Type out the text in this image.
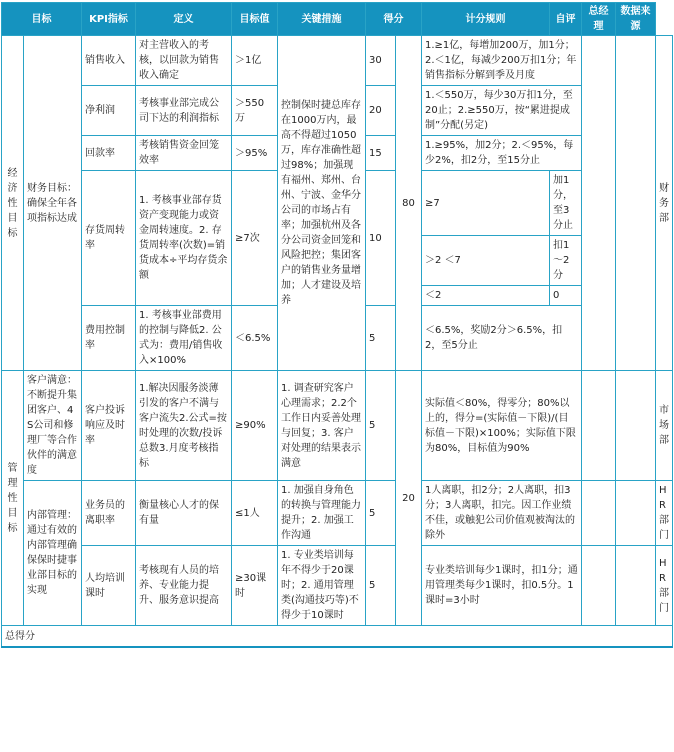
目标		KPI指标	定义	目标值	关键措施	得分		计分规则	自评	总经理	数据来源	
经济性目标	财务目标：确保全年各项指标达成	销售收入	对主营收入的考核，以回款为销售收入确定	＞1亿	控制保时捷总库存在1000万内，最高不得超过1050万，库存准确性超过98%；加强现有福州、郑州、台州、宁波、金华分公司的市场占有率；加强杭州及各分公司资金回笼和风险把控；集团客户的销售业务量增加；人才建设及培养	30	80	1.≥1亿，每增加200万，加1分；2.＜1亿，每减少200万扣1分；年销售指标分解到季及月度				财务部
		净利润	考核事业部完成公司下达的利润指标	＞550万		20		1.＜550万，每少30万扣1分，至20止；2.≥550万，按“累进提成制”分配(另定)				
		回款率	考核销售资金回笼效率	＞95%		15		1.≥95%，加2分；2.＜95%，每少2%，扣2分，至15分止				
		存货周转率	1. 考核事业部存货资产变现能力或资金周转速度。2. 存货周转率(次数)=销货成本÷平均存货余额	≥7次		10		≥7	加1分，至3分止			
								＞2 ＜7	扣1～2分			
								＜2	0			
		费用控制率	1. 考核事业部费用的控制与降低2. 公式为：费用/销售收入×100%	＜6.5%		5		＜6.5%，奖励2分＞6.5%，扣2，至5分止				
管理性目标	客户满意：不断提升集团客户、4S公司和修理厂等合作伙伴的满意度	客户投诉响应及时率	1.解决因服务淡薄引发的客户不满与客户流失2.公式=按时处理的次数/投诉总数3.月度考核指标	≥90%	1. 调查研究客户心理需求；2.2个工作日内妥善处理与回复；3. 客户对处理的结果表示满意	5	20	实际值＜80%，得零分；80%以上的，得分=(实际值－下限)/(目标值－下限)×100%；实际值下限为80%，目标值为90%				市场部
	内部管理：通过有效的内部管理确保保时捷事业部目标的实现	业务员的离职率	衡量核心人才的保有量	≤1人	1. 加强自身角色的转换与管理能力提升；2. 加强工作沟通	5		1人离职，扣2分；2人离职，扣3分；3人离职，扣完。因工作业绩不佳，或触犯公司价值观被淘汰的除外				HR部门
		人均培训课时	考核现有人员的培养、专业能力提升、服务意识提高	≥30课时	1. 专业类培训每年不得少于20课时；2. 通用管理类(沟通技巧等)不得少于10课时	5		专业类培训每少1课时，扣1分；通用管理类每少1课时，扣0.5分。1课时=3小时				HR部门
总得分												
